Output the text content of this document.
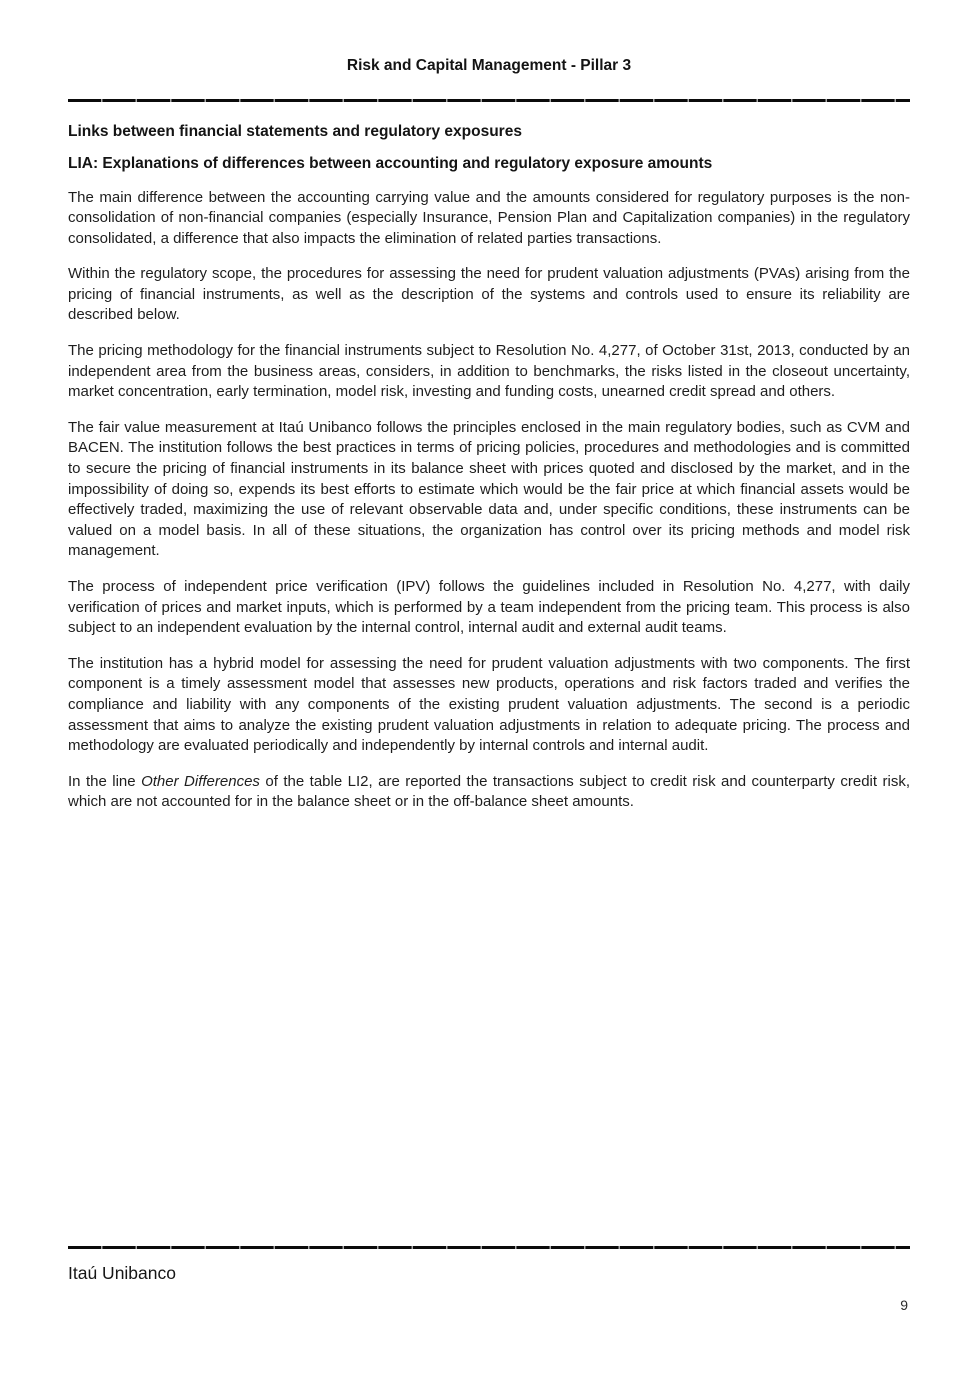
Risk and Capital Management - Pillar 3
Links between financial statements and regulatory exposures
LIA: Explanations of differences between accounting and regulatory exposure amounts

The main difference between the accounting carrying value and the amounts considered for regulatory purposes is the non-consolidation of non-financial companies (especially Insurance, Pension Plan and Capitalization companies) in the regulatory consolidated, a difference that also impacts the elimination of related parties transactions.

Within the regulatory scope, the procedures for assessing the need for prudent valuation adjustments (PVAs) arising from the pricing of financial instruments, as well as the description of the systems and controls used to ensure its reliability are described below.

The pricing methodology for the financial instruments subject to Resolution No. 4,277, of October 31st, 2013, conducted by an independent area from the business areas, considers, in addition to benchmarks, the risks listed in the closeout uncertainty, market concentration, early termination, model risk, investing and funding costs, unearned credit spread and others.

The fair value measurement at Itaú Unibanco follows the principles enclosed in the main regulatory bodies, such as CVM and BACEN. The institution follows the best practices in terms of pricing policies, procedures and methodologies and is committed to secure the pricing of financial instruments in its balance sheet with prices quoted and disclosed by the market, and in the impossibility of doing so, expends its best efforts to estimate which would be the fair price at which financial assets would be effectively traded, maximizing the use of relevant observable data and, under specific conditions, these instruments can be valued on a model basis. In all of these situations, the organization has control over its pricing methods and model risk management.

The process of independent price verification (IPV) follows the guidelines included in Resolution No. 4,277, with daily verification of prices and market inputs, which is performed by a team independent from the pricing team. This process is also subject to an independent evaluation by the internal control, internal audit and external audit teams.

The institution has a hybrid model for assessing the need for prudent valuation adjustments with two components. The first component is a timely assessment model that assesses new products, operations and risk factors traded and verifies the compliance and liability with any components of the existing prudent valuation adjustments. The second is a periodic assessment that aims to analyze the existing prudent valuation adjustments in relation to adequate pricing. The process and methodology are evaluated periodically and independently by internal controls and internal audit.

In the line Other Differences of the table LI2, are reported the transactions subject to credit risk and counterparty credit risk, which are not accounted for in the balance sheet or in the off-balance sheet amounts.

Itaú Unibanco
9
